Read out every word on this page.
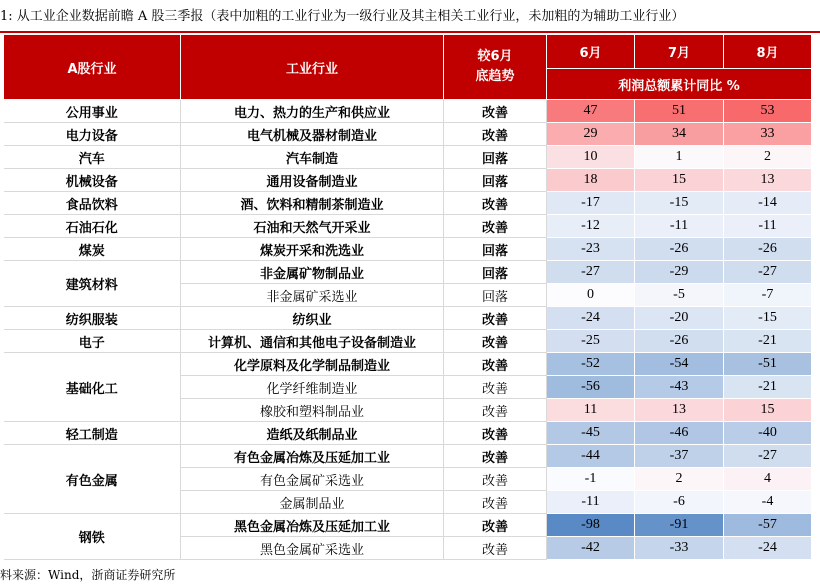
1: 从工业企业数据前瞻 A 股三季报（表中加粗的工业行业为一级行业及其主相关工业行业，未加粗的为辅助工业行业）
A股行业	工业行业	较6月底趋势	6月	7月	8月
			利润总额累计同比 %		
公用事业	电力、热力的生产和供应业	改善	47	51	53
电力设备	电气机械及器材制造业	改善	29	34	33
汽车	汽车制造	回落	10	1	2
机械设备	通用设备制造业	回落	18	15	13
食品饮料	酒、饮料和精制茶制造业	改善	-17	-15	-14
石油石化	石油和天然气开采业	改善	-12	-11	-11
煤炭	煤炭开采和洗选业	回落	-23	-26	-26
建筑材料	非金属矿物制品业	回落	-27	-29	-27
	非金属矿采选业	回落	0	-5	-7
纺织服装	纺织业	改善	-24	-20	-15
电子	计算机、通信和其他电子设备制造业	改善	-25	-26	-21
基础化工	化学原料及化学制品制造业	改善	-52	-54	-51
	化学纤维制造业	改善	-56	-43	-21
	橡胶和塑料制品业	改善	11	13	15
轻工制造	造纸及纸制品业	改善	-45	-46	-40
有色金属	有色金属冶炼及压延加工业	改善	-44	-37	-27
	有色金属矿采选业	改善	-1	2	4
	金属制品业	改善	-11	-6	-4
钢铁	黑色金属冶炼及压延加工业	改善	-98	-91	-57
	黑色金属矿采选业	改善	-42	-33	-24
料来源：Wind，浙商证券研究所
